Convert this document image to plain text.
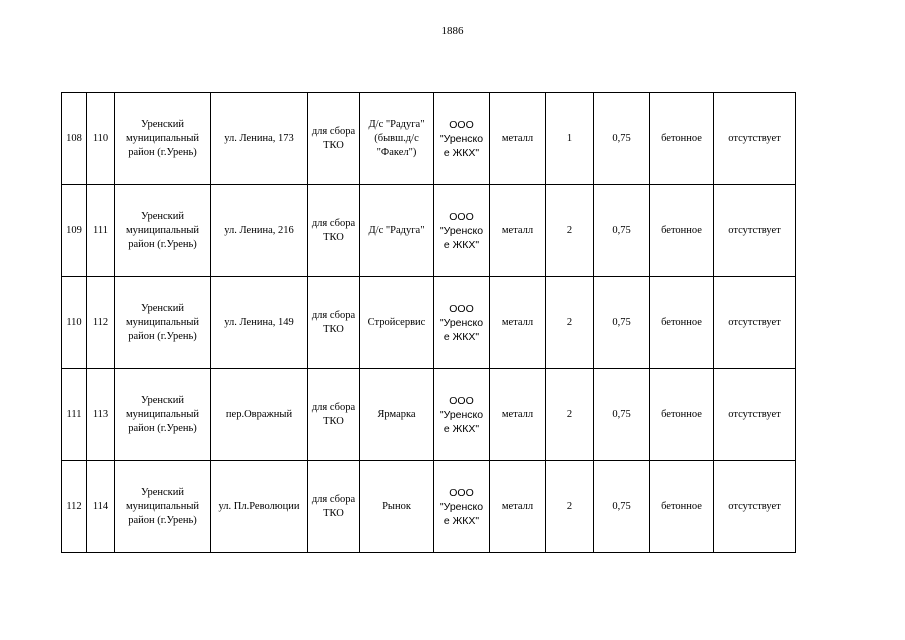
1886
108	110	Уренский муниципальный район (г.Урень)	ул. Ленина, 173	для сбора ТКО	Д/с "Радуга" (бывш.д/с "Факел")	ООО "Уренско е ЖКХ"	металл	1	0,75	бетонное	отсутствует
109	111	Уренский муниципальный район (г.Урень)	ул. Ленина, 216	для сбора ТКО	Д/с "Радуга"	ООО "Уренско е ЖКХ"	металл	2	0,75	бетонное	отсутствует
110	112	Уренский муниципальный район (г.Урень)	ул. Ленина, 149	для сбора ТКО	Стройсервис	ООО "Уренско е ЖКХ"	металл	2	0,75	бетонное	отсутствует
111	113	Уренский муниципальный район (г.Урень)	пер.Овражный	для сбора ТКО	Ярмарка	ООО "Уренско е ЖКХ"	металл	2	0,75	бетонное	отсутствует
112	114	Уренский муниципальный район (г.Урень)	ул. Пл.Революции	для сбора ТКО	Рынок	ООО "Уренско е ЖКХ"	металл	2	0,75	бетонное	отсутствует
